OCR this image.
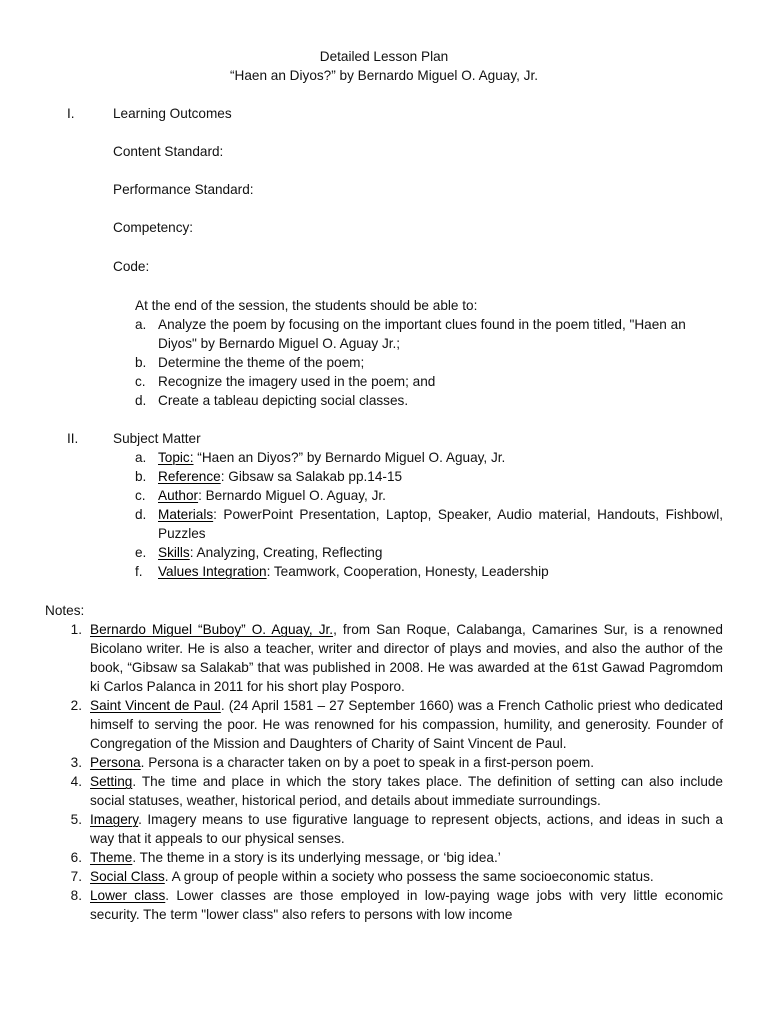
Detailed Lesson Plan
“Haen an Diyos?” by Bernardo Miguel O. Aguay, Jr.
I.	Learning Outcomes
Content Standard:
Performance Standard:
Competency:
Code:
At the end of the session, the students should be able to:
a. Analyze the poem by focusing on the important clues found in the poem titled, "Haen an Diyos" by Bernardo Miguel O. Aguay Jr.;
b. Determine the theme of the poem;
c. Recognize the imagery used in the poem; and
d. Create a tableau depicting social classes.
II.	Subject Matter
a. Topic: “Haen an Diyos?” by Bernardo Miguel O. Aguay, Jr.
b. Reference: Gibsaw sa Salakab pp.14-15
c. Author: Bernardo Miguel O. Aguay, Jr.
d. Materials: PowerPoint Presentation, Laptop, Speaker, Audio material, Handouts, Fishbowl, Puzzles
e. Skills: Analyzing, Creating, Reflecting
f. Values Integration: Teamwork, Cooperation, Honesty, Leadership
Notes:
1. Bernardo Miguel “Buboy” O. Aguay, Jr., from San Roque, Calabanga, Camarines Sur, is a renowned Bicolano writer. He is also a teacher, writer and director of plays and movies, and also the author of the book, “Gibsaw sa Salakab” that was published in 2008. He was awarded at the 61st Gawad Pagromdom ki Carlos Palanca in 2011 for his short play Posporo.
2. Saint Vincent de Paul. (24 April 1581 – 27 September 1660) was a French Catholic priest who dedicated himself to serving the poor. He was renowned for his compassion, humility, and generosity. Founder of Congregation of the Mission and Daughters of Charity of Saint Vincent de Paul.
3. Persona. Persona is a character taken on by a poet to speak in a first-person poem.
4. Setting. The time and place in which the story takes place. The definition of setting can also include social statuses, weather, historical period, and details about immediate surroundings.
5. Imagery. Imagery means to use figurative language to represent objects, actions, and ideas in such a way that it appeals to our physical senses.
6. Theme. The theme in a story is its underlying message, or ‘big idea.’
7. Social Class. A group of people within a society who possess the same socioeconomic status.
8. Lower class. Lower classes are those employed in low-paying wage jobs with very little economic security. The term "lower class" also refers to persons with low income
